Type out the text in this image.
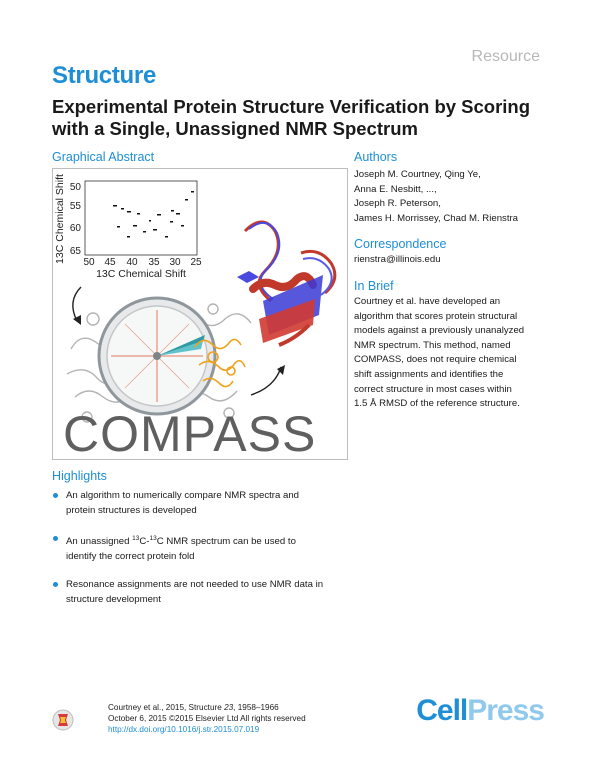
Resource
Structure
Experimental Protein Structure Verification by Scoring with a Single, Unassigned NMR Spectrum
Graphical Abstract
50
55
60
65
50 45 40 35 30 25
13C Chemical Shift
13C Chemical Shift
COMPASS
Authors
Joseph M. Courtney, Qing Ye,
Anna E. Nesbitt, ...,
Joseph R. Peterson,
James H. Morrissey, Chad M. Rienstra
Correspondence
rienstra@illinois.edu
In Brief
Courtney et al. have developed an
algorithm that scores protein structural
models against a previously unanalyzed
NMR spectrum. This method, named
COMPASS, does not require chemical
shift assignments and identifies the
correct structure in most cases within
1.5 Å RMSD of the reference structure.
Highlights
An algorithm to numerically compare NMR spectra and
protein structures is developed
An unassigned $^{13}$C-$^{13}$C NMR spectrum can be used to
identify the correct protein fold
Resonance assignments are not needed to use NMR data in
structure development
Courtney et al., 2015, Structure 23, 1958–1966
October 6, 2015 ©2015 Elsevier Ltd All rights reserved
http://dx.doi.org/10.1016/j.str.2015.07.019
CellPress
